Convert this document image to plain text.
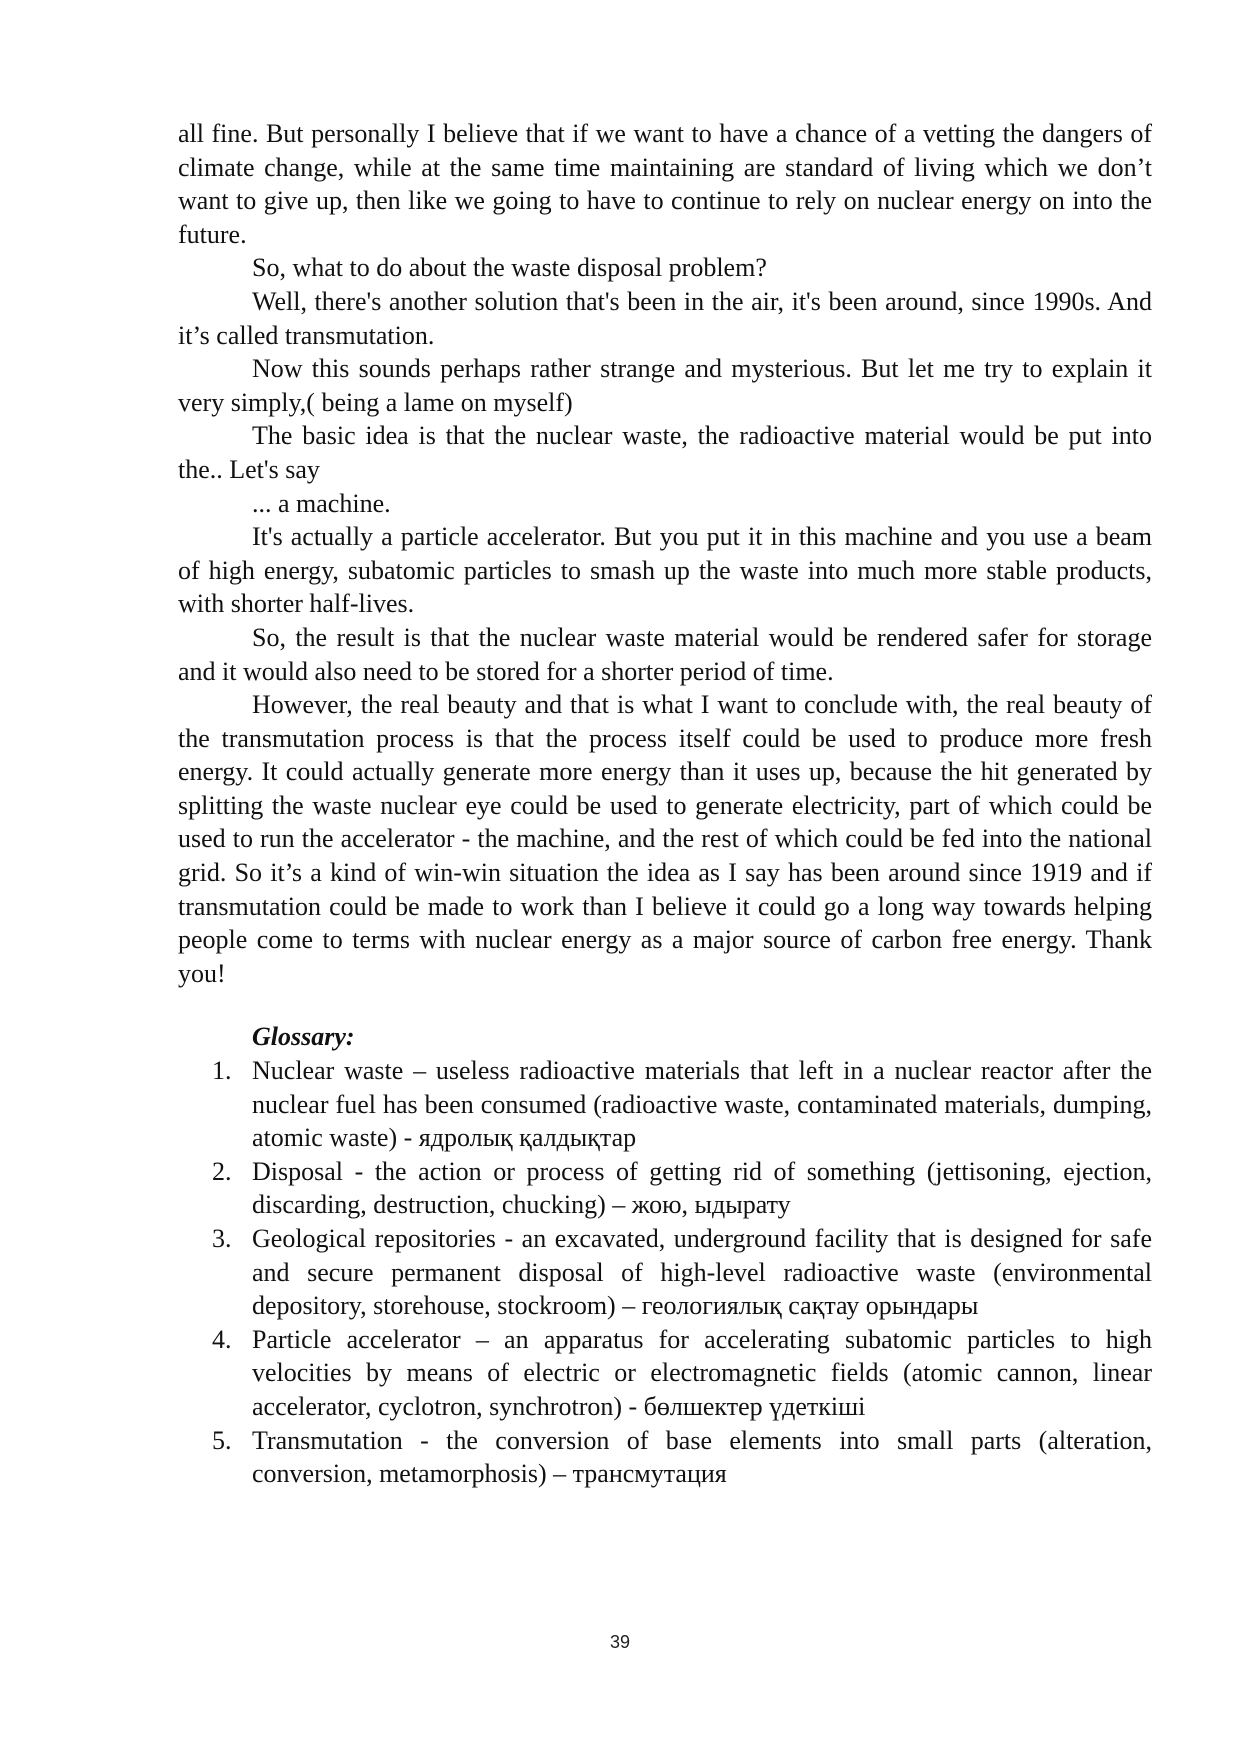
all fine. But personally I believe that if we want to have a chance of a vetting the dangers of climate change, while at the same time maintaining are standard of living which we don’t want to give up, then like we going to have to continue to rely on nuclear energy on into the future.

So, what to do about the waste disposal problem?

Well, there's another solution that's been in the air, it's been around, since 1990s. And it’s called transmutation.

Now this sounds perhaps rather strange and mysterious. But let me try to explain it very simply,( being a lame on myself)

The basic idea is that the nuclear waste, the radioactive material would be put into the.. Let's say

... a machine.

It's actually a particle accelerator. But you put it in this machine and you use a beam of high energy, subatomic particles to smash up the waste into much more stable products, with shorter half-lives.

So, the result is that the nuclear waste material would be rendered safer for storage and it would also need to be stored for a shorter period of time.

However, the real beauty and that is what I want to conclude with, the real beauty of the transmutation process is that the process itself could be used to produce more fresh energy. It could actually generate more energy than it uses up, because the hit generated by splitting the waste nuclear eye could be used to generate electricity, part of which could be used to run the accelerator - the machine, and the rest of which could be fed into the national grid. So it’s a kind of win-win situation the idea as I say has been around since 1919 and if transmutation could be made to work than I believe it could go a long way towards helping people come to terms with nuclear energy as a major source of carbon free energy. Thank you!

Glossary:
1. Nuclear waste – useless radioactive materials that left in a nuclear reactor after the nuclear fuel has been consumed (radioactive waste, contaminated materials, dumping, atomic waste) - ядролық қалдықтар
2. Disposal - the action or process of getting rid of something (jettisoning, ejection, discarding, destruction, chucking) – жою, ыдырату
3. Geological repositories - an excavated, underground facility that is designed for safe and secure permanent disposal of high-level radioactive waste (environmental depository, storehouse, stockroom) – геологиялық сақтау орындары
4. Particle accelerator – an apparatus for accelerating subatomic particles to high velocities by means of electric or electromagnetic fields (atomic cannon, linear accelerator, cyclotron, synchrotron) - бөлшектер үдеткіші
5. Transmutation - the conversion of base elements into small parts (alteration, conversion, metamorphosis) – трансмутация
39
